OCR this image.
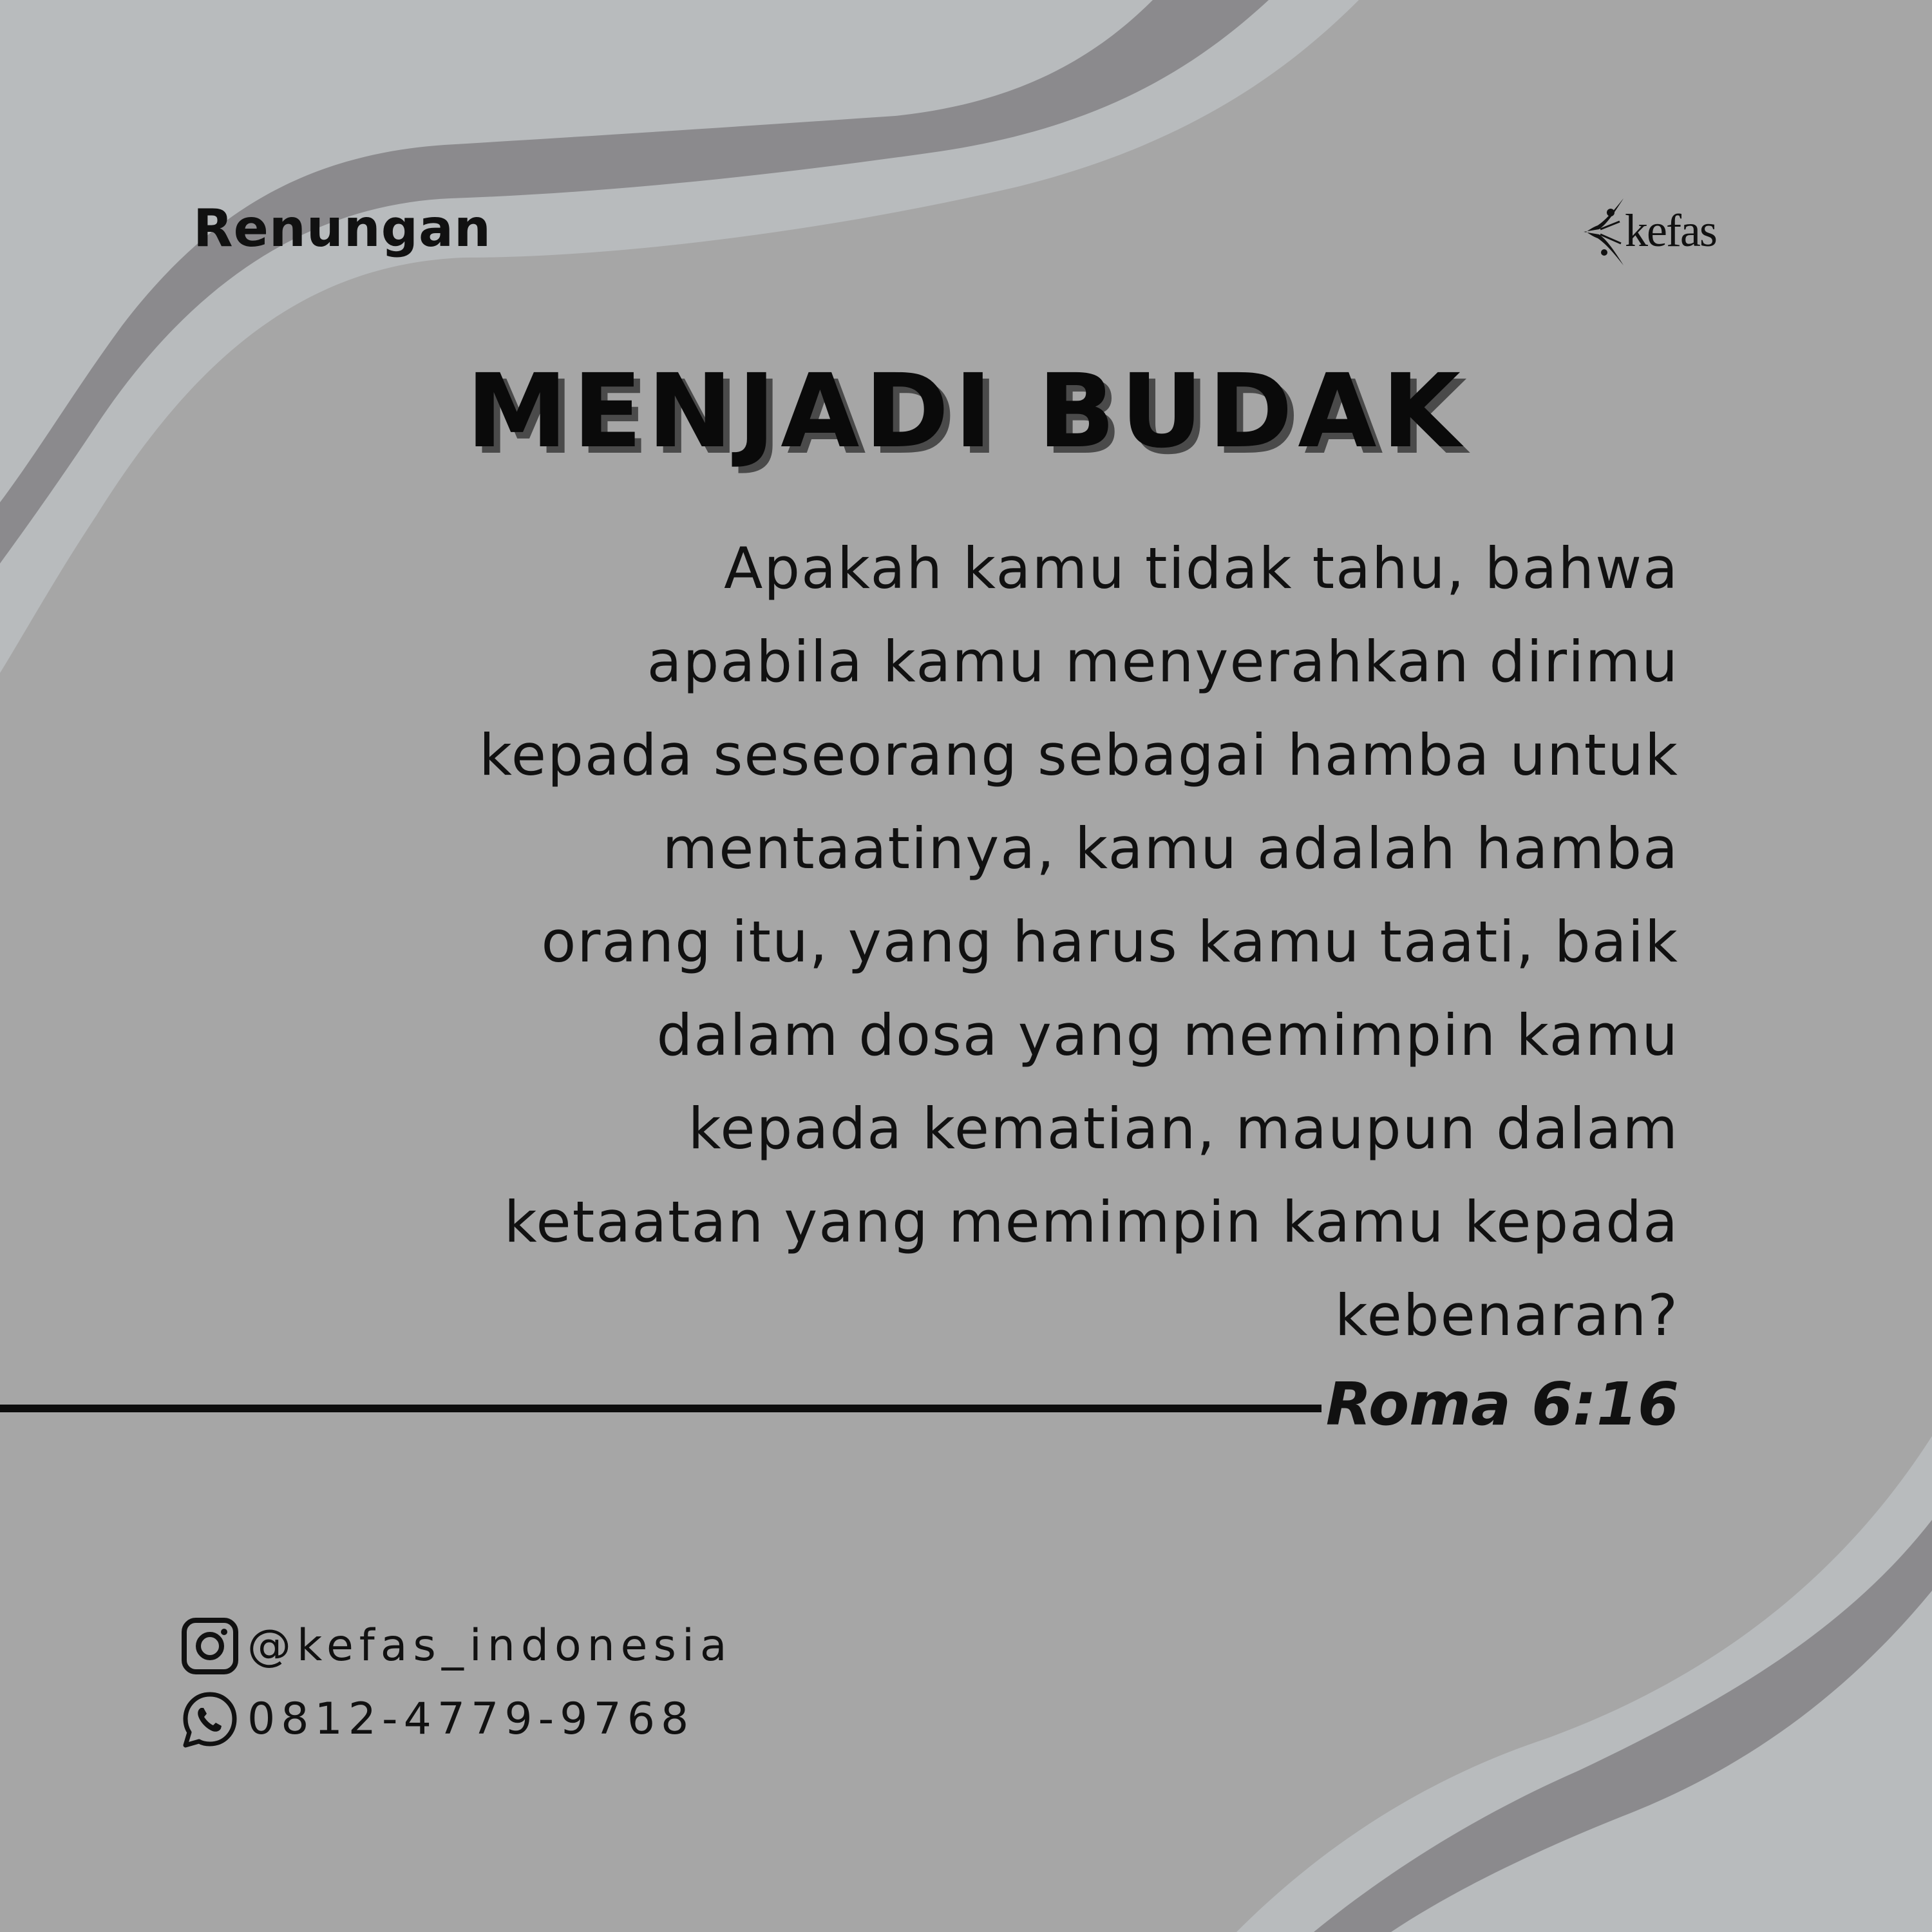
Renungan	kefas
MENJADI BUDAK

Apakah kamu tidak tahu, bahwa
apabila kamu menyerahkan dirimu
kepada seseorang sebagai hamba untuk
mentaatinya, kamu adalah hamba
orang itu, yang harus kamu taati, baik
dalam dosa yang memimpin kamu
kepada kematian, maupun dalam
ketaatan yang memimpin kamu kepada
kebenaran?

Roma 6:16
@kefas_indonesia
0812-4779-9768
